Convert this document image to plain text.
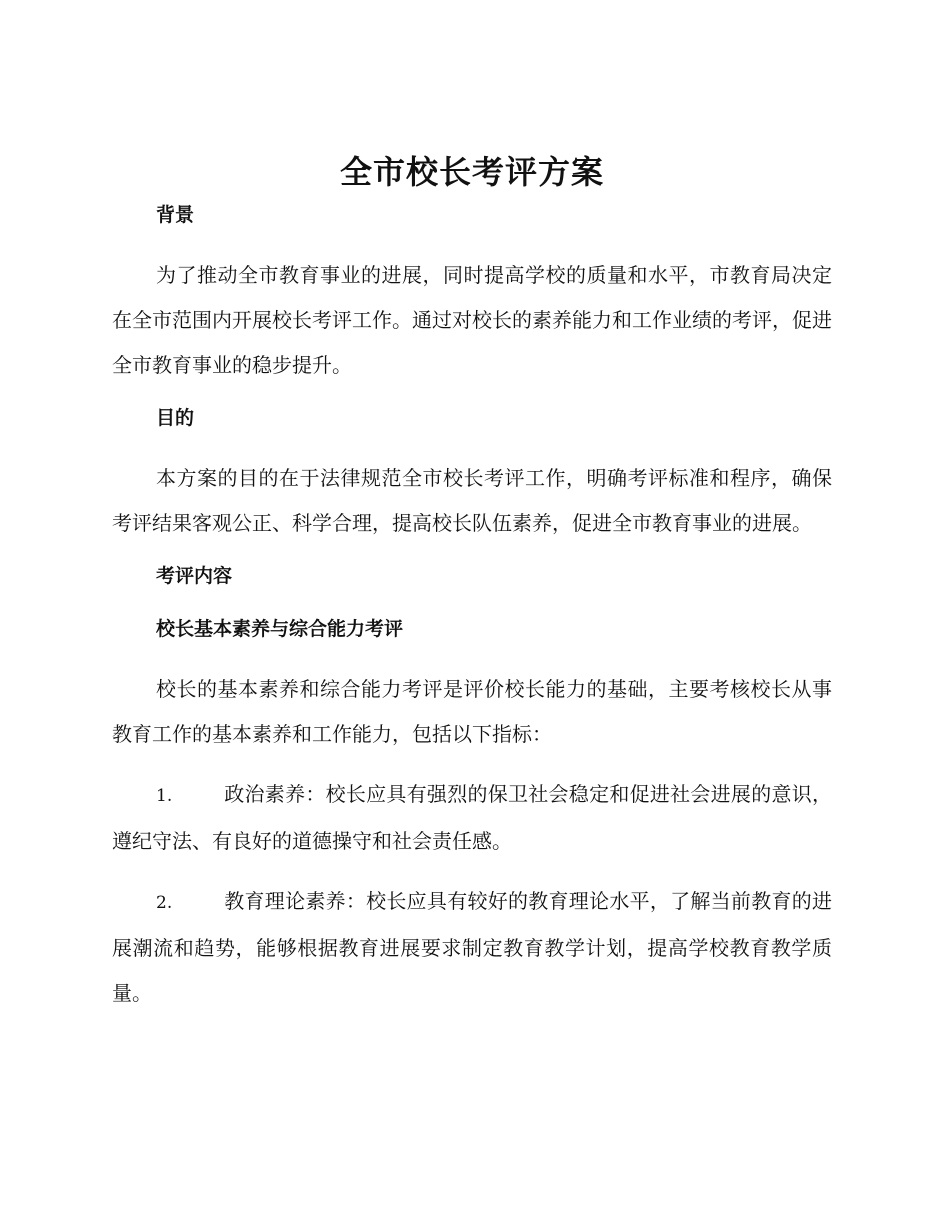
全市校长考评方案
背景

为了推动全市教育事业的进展，同时提高学校的质量和水平，市教育局决定在全市范围内开展校长考评工作。通过对校长的素养能力和工作业绩的考评，促进全市教育事业的稳步提升。

目的

本方案的目的在于法律规范全市校长考评工作，明确考评标准和程序，确保考评结果客观公正、科学合理，提高校长队伍素养，促进全市教育事业的进展。

考评内容
校长基本素养与综合能力考评

校长的基本素养和综合能力考评是评价校长能力的基础，主要考核校长从事教育工作的基本素养和工作能力，包括以下指标：

1.	政治素养：校长应具有强烈的保卫社会稳定和促进社会进展的意识，遵纪守法、有良好的道德操守和社会责任感。

2.	教育理论素养：校长应具有较好的教育理论水平，了解当前教育的进展潮流和趋势，能够根据教育进展要求制定教育教学计划，提高学校教育教学质量。
